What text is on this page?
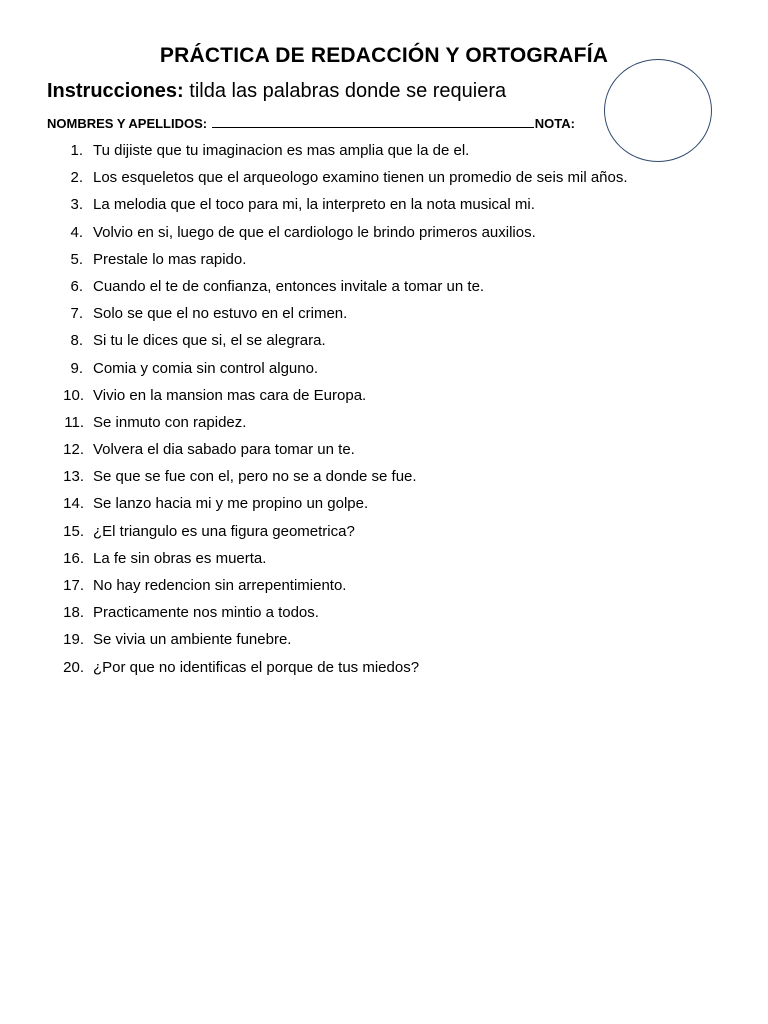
PRÁCTICA DE REDACCIÓN Y ORTOGRAFÍA
Instrucciones: tilda las palabras donde se requiera
NOMBRES Y APELLIDOS:	NOTA:
1. Tu dijiste que tu imaginacion es mas amplia que la de el.
2. Los esqueletos que el arqueologo examino tienen un promedio de seis mil años.
3. La melodia que el toco para mi, la interpreto en la nota musical mi.
4. Volvio en si, luego de que el cardiologo le brindo primeros auxilios.
5. Prestale lo mas rapido.
6. Cuando el te de confianza, entonces invitale a tomar un te.
7. Solo se que el no estuvo en el crimen.
8. Si tu le dices que si, el se alegrara.
9. Comia y comia sin control alguno.
10. Vivio en la mansion mas cara de Europa.
11. Se inmuto con rapidez.
12. Volvera el dia sabado para tomar un te.
13. Se que se fue con el, pero no se a donde se fue.
14. Se lanzo hacia mi y me propino un golpe.
15. ¿El triangulo es una figura geometrica?
16. La fe sin obras es muerta.
17. No hay redencion sin arrepentimiento.
18. Practicamente nos mintio a todos.
19. Se vivia un ambiente funebre.
20. ¿Por que no identificas el porque de tus miedos?
